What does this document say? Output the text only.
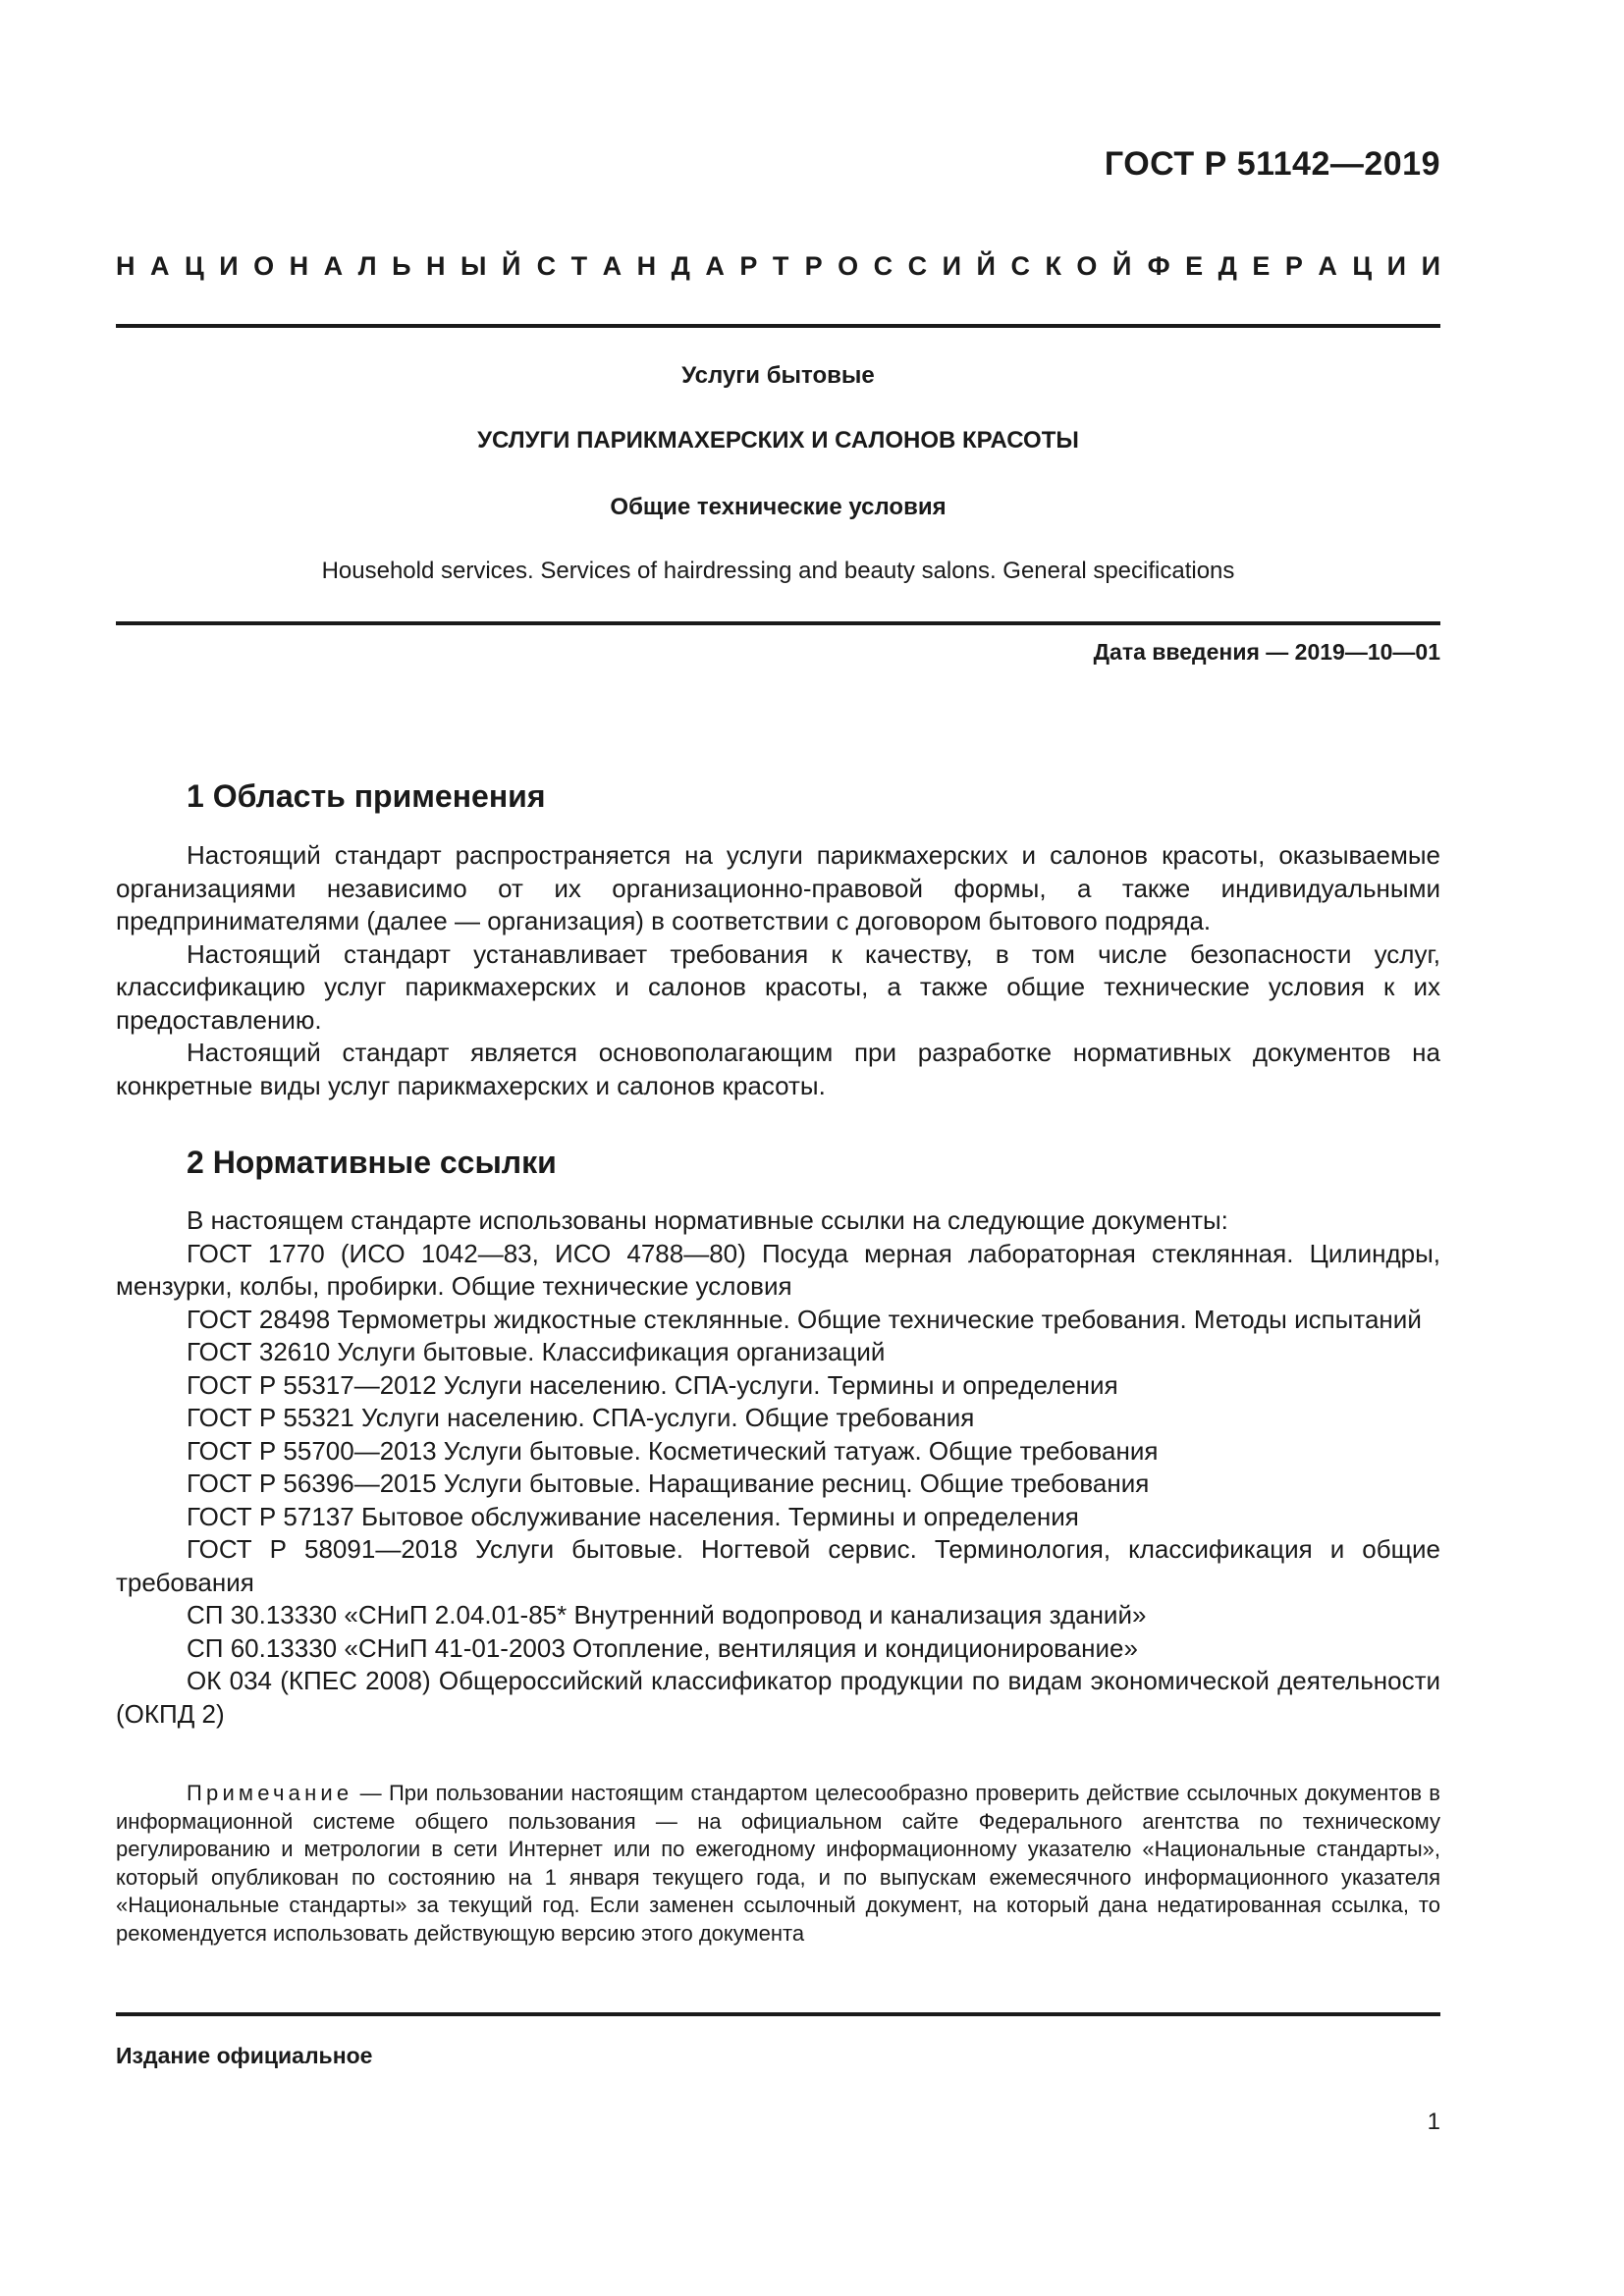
ГОСТ Р 51142—2019
Н А Ц И О Н А Л Ь Н Ы Й С Т А Н Д А Р Т Р О С С И Й С К О Й Ф Е Д Е Р А Ц И И
Услуги бытовые
УСЛУГИ ПАРИКМАХЕРСКИХ И САЛОНОВ КРАСОТЫ
Общие технические условия
Household services. Services of hairdressing and beauty salons. General specifications
Дата введения — 2019—10—01
1 Область применения

Настоящий стандарт распространяется на услуги парикмахерских и салонов красоты, оказываемые организациями независимо от их организационно-правовой формы, а также индивидуальными предпринимателями (далее — организация) в соответствии с договором бытового подряда.

Настоящий стандарт устанавливает требования к качеству, в том числе безопасности услуг, классификацию услуг парикмахерских и салонов красоты, а также общие технические условия к их предоставлению.

Настоящий стандарт является основополагающим при разработке нормативных документов на конкретные виды услуг парикмахерских и салонов красоты.

2 Нормативные ссылки

В настоящем стандарте использованы нормативные ссылки на следующие документы:

ГОСТ 1770 (ИСО 1042—83, ИСО 4788—80) Посуда мерная лабораторная стеклянная. Цилиндры, мензурки, колбы, пробирки. Общие технические условия

ГОСТ 28498 Термометры жидкостные стеклянные. Общие технические требования. Методы испытаний

ГОСТ 32610 Услуги бытовые. Классификация организаций

ГОСТ Р 55317—2012 Услуги населению. СПА-услуги. Термины и определения

ГОСТ Р 55321 Услуги населению. СПА-услуги. Общие требования

ГОСТ Р 55700—2013 Услуги бытовые. Косметический татуаж. Общие требования

ГОСТ Р 56396—2015 Услуги бытовые. Наращивание ресниц. Общие требования

ГОСТ Р 57137 Бытовое обслуживание населения. Термины и определения

ГОСТ Р 58091—2018 Услуги бытовые. Ногтевой сервис. Терминология, классификация и общие требования

СП 30.13330 «СНиП 2.04.01-85* Внутренний водопровод и канализация зданий»

СП 60.13330 «СНиП 41-01-2003 Отопление, вентиляция и кондиционирование»

ОК 034 (КПЕС 2008) Общероссийский классификатор продукции по видам экономической деятельности (ОКПД 2)

Примечание — При пользовании настоящим стандартом целесообразно проверить действие ссылочных документов в информационной системе общего пользования — на официальном сайте Федерального агентства по техническому регулированию и метрологии в сети Интернет или по ежегодному информационному указателю «Национальные стандарты», который опубликован по состоянию на 1 января текущего года, и по выпускам ежемесячного информационного указателя «Национальные стандарты» за текущий год. Если заменен ссылочный документ, на который дана недатированная ссылка, то рекомендуется использовать действующую версию этого документа

Издание официальное
1
